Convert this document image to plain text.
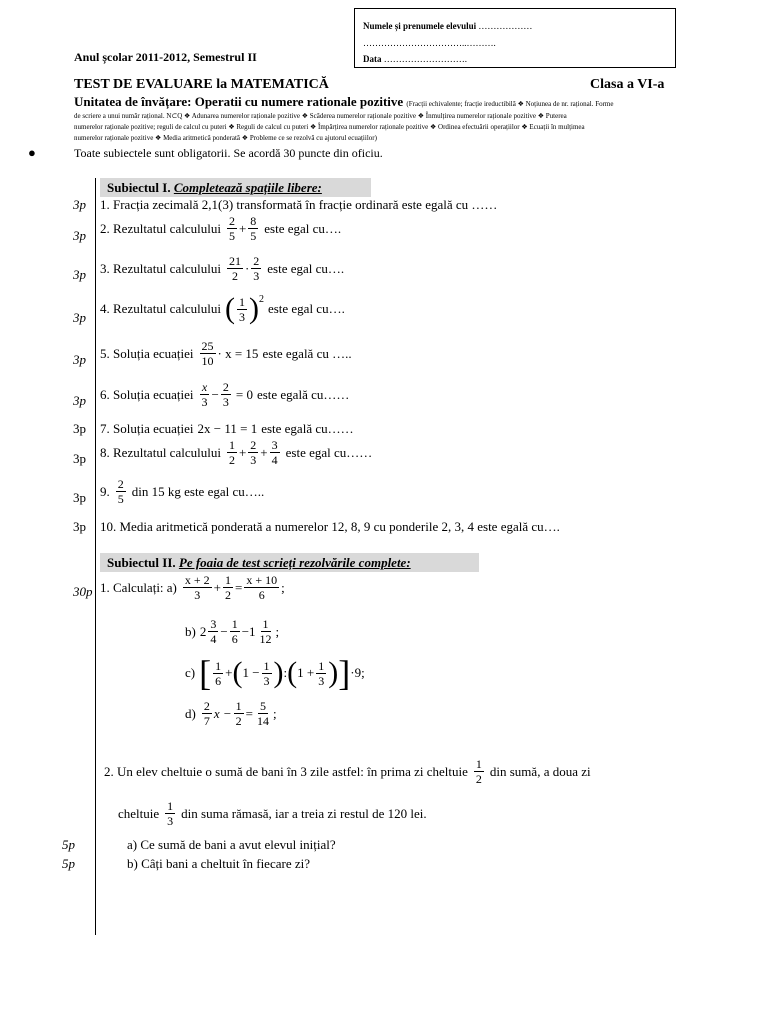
Numele și prenumele elevului ………………
……………………………..……….
Data ……………………….
Anul școlar 2011-2012, Semestrul II
TEST DE EVALUARE la MATEMATICĂ	Clasa a VI-a
Unitatea de învățare: Operatii cu numere rationale pozitive (Fracții echivalente; fracție ireductibilă ❖ Noțiunea de nr. rațional. Forme
de scriere a unui număr rațional. N⊂Q ❖ Adunarea numerelor raționale pozitive ❖ Scăderea numerelor raționale pozitive ❖ Înmulțirea numerelor raționale pozitive ❖ Puterea
numerelor raționale pozitive; reguli de calcul cu puteri ❖ Reguli de calcul cu puteri ❖ Împărțirea numerelor raționale pozitive ❖ Ordinea efectuării operațiilor ❖ Ecuații în mulțimea
numerelor raționale pozitive ❖ Media aritmetică ponderată ❖ Probleme ce se rezolvă cu ajutorul ecuațiilor)
●	Toate subiectele sunt obligatorii. Se acordă 30 puncte din oficiu.
Subiectul I. Completează spațiile libere:
3p 1. Fracția zecimală 2,1(3) transformată în fracție ordinară este egală cu ……
3p 2. Rezultatul calculului $\frac{2}{5} + \frac{8}{5}$ este egal cu….
3p 3. Rezultatul calculului $\frac{21}{2} \cdot \frac{2}{3}$ este egal cu….
3p
4. Rezultatul calculului ( $\frac{1}{3} )^2$
este egal cu….
3p 5. Soluția ecuației $\frac{25}{10} \cdot x = 15$ este egală cu …..
3p 6. Soluția ecuației $\frac{x}{3} - \frac{2}{3} = 0$ este egală cu……
3p 7. Soluția ecuației 2x − 11 = 1 este egală cu……
3p 8. Rezultatul calculului $\frac{1}{2} + \frac{2}{3} + \frac{3}{4}$ este egal cu……
3p 9. $\frac{2}{5}$ din 15 kg este egal cu…..
3p 10. Media aritmetică ponderată a numerelor 12, 8, 9 cu ponderile 2, 3, 4 este egală cu….
Subiectul II. Pe foaia de test scrieți rezolvările complete:
30p 1. Calculați: $a) \frac{x + 2}{3} + \frac{1}{2} = \frac{x + 10}{6}$ ;
b) $2 \frac{3}{4} - \frac{1}{6} -1 \frac{1}{12}$ ;
c) [ $\frac{1}{6}$ + ( $1 - \frac{1}{3}$ ) : ( $1 + \frac{1}{3}$ ) ] ·9;
$d) \frac{2}{7}$ $x - \frac{1}{2} = \frac{5}{14}$ ;
2. Un elev cheltuie o sumă de bani în 3 zile astfel: în prima zi cheltuie $\frac{1}{2}$ din sumă, a doua zi
cheltuie $\frac{1}{3}$ din suma rămasă, iar a treia zi restul de 120 lei.
5p	a) Ce sumă de bani a avut elevul inițial?
5p	b) Câți bani a cheltuit în fiecare zi?
